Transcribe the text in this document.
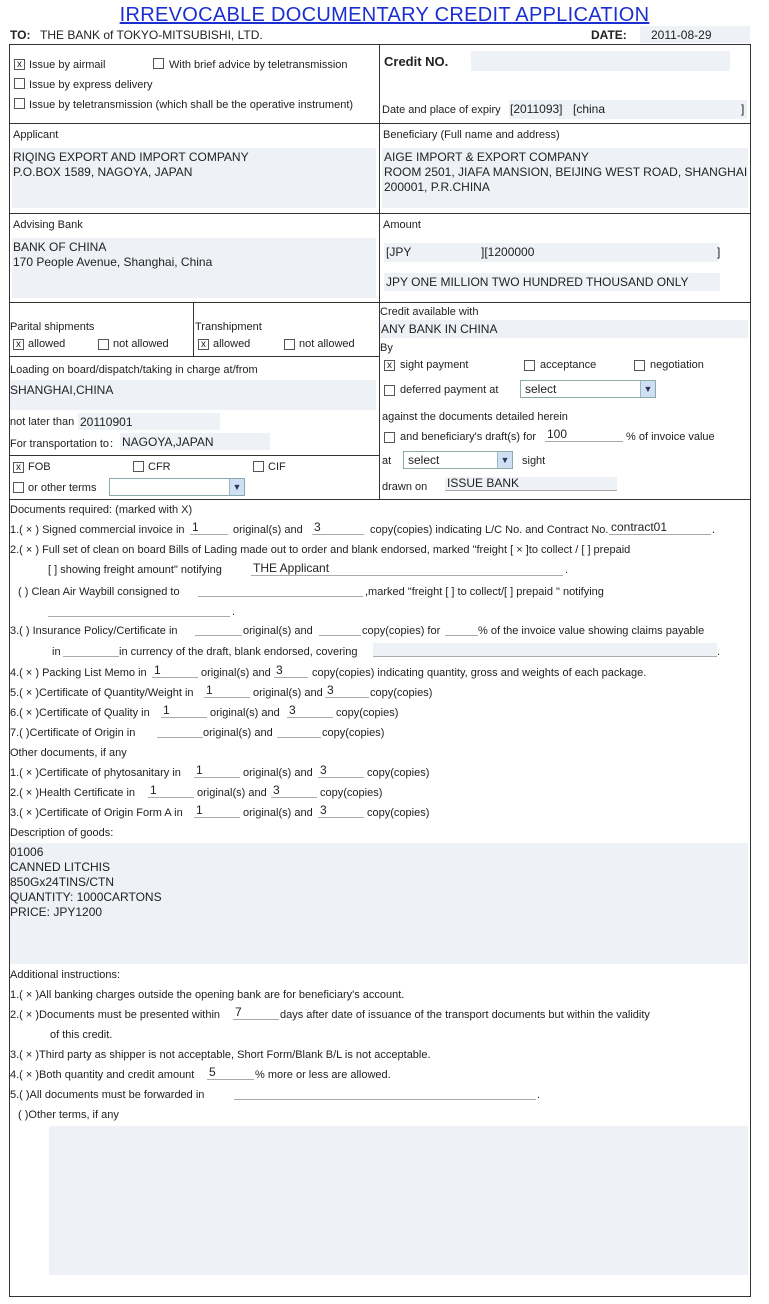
IRREVOCABLE DOCUMENTARY CREDIT APPLICATION
TO: THE BANK of TOKYO-MITSUBISHI, LTD.	DATE: 2011-08-29
x Issue by airmail	With brief advice by teletransmission
Issue by express delivery
Issue by teletransmission (which shall be the operative instrument)
Credit NO.
Date and place of expiry [2011093] [china	]
Applicant
RIQING EXPORT AND IMPORT COMPANY
P.O.BOX 1589, NAGOYA, JAPAN
Beneficiary (Full name and address)
AIGE IMPORT & EXPORT COMPANY
ROOM 2501, JIAFA MANSION, BEIJING WEST ROAD, SHANGHAI
200001, P.R.CHINA
Advising Bank
BANK OF CHINA
170 People Avenue, Shanghai, China
Amount
[JPY	][1200000	]
JPY ONE MILLION TWO HUNDRED THOUSAND ONLY
Parital shipments
x allowed	not allowed
Transhipment
x allowed	not allowed
Loading on board/dispatch/taking in charge at/from
SHANGHAI,CHINA
not later than 20110901
For transportation to： NAGOYA,JAPAN
x FOB	CFR	CIF
or other terms	▼
Credit available with
ANY BANK IN CHINA
By
x sight payment	acceptance	negotiation
deferred payment at	select	▼
against the documents detailed herein
and beneficiary's draft(s) for 100	% of invoice value
at	select	▼ sight
drawn on ISSUE BANK
Documents required: (marked with X)
1.( × ) Signed commercial invoice in 1	original(s) and 3	copy(copies) indicating L/C No. and Contract No. contract01	.
2.( × ) Full set of clean on board Bills of Lading made out to order and blank endorsed, marked "freight [ × ]to collect / [ ] prepaid
[ ] showing freight amount" notifying	THE Applicant	.
( ) Clean Air Waybill consigned to	,marked "freight [ ] to collect/[ ] prepaid " notifying
.
3.( ) Insurance Policy/Certificate in	original(s) and	copy(copies) for	% of the invoice value showing claims payable
in	in currency of the draft, blank endorsed, covering	.
4.( × ) Packing List Memo in 1	original(s) and 3	copy(copies) indicating quantity, gross and weights of each package.
5.( × )Certificate of Quantity/Weight in 1	original(s) and 3	copy(copies)
6.( × )Certificate of Quality in 1	original(s) and 3	copy(copies)
7.( )Certificate of Origin in	original(s) and	copy(copies)
Other documents, if any
1.( × )Certificate of phytosanitary in 1	original(s) and 3	copy(copies)
2.( × )Health Certificate in 1	original(s) and 3	copy(copies)
3.( × )Certificate of Origin Form A in 1	original(s) and 3	copy(copies)
Description of goods:
01006
CANNED LITCHIS
850Gx24TINS/CTN
QUANTITY: 1000CARTONS
PRICE: JPY1200
Additional instructions:
1.( × )All banking charges outside the opening bank are for beneficiary's account.
2.( × )Documents must be presented within 7	days after date of issuance of the transport documents but within the validity
of this credit.
3.( × )Third party as shipper is not acceptable, Short Form/Blank B/L is not acceptable.
4.( × )Both quantity and credit amount 5	% more or less are allowed.
5.( )All documents must be forwarded in	.
( )Other terms, if any
